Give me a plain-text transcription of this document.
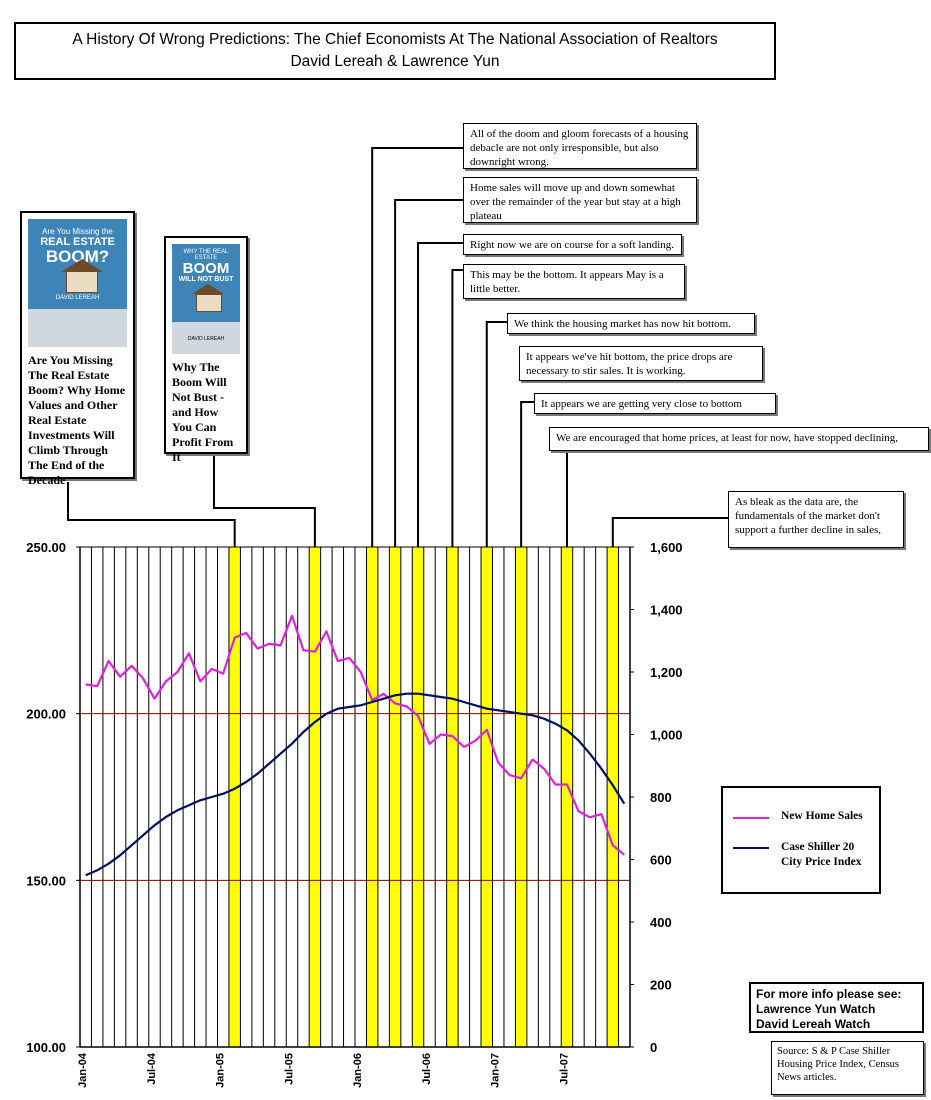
100.00
150.00
200.00
250.00
0
200
400
600
800
1,000
1,200
1,400
1,600
Jan-04	Jul-04	Jan-05	Jul-05	Jan-06	Jul-06	Jan-07	Jul-07
A History Of Wrong Predictions: The Chief Economists At The National Association of Realtors
David Lereah & Lawrence Yun
Are You Missing the
REAL ESTATE
BOOM?
DAVID LEREAH
Are You Missing The Real Estate Boom? Why Home Values and Other Real Estate Investments Will Climb Through The End of the Decade
WHY THE REAL ESTATE
BOOM
WILL NOT BUST
DAVID LEREAH
Why The Boom Will Not Bust - and How You Can Profit From It
All of the doom and gloom forecasts of a housing debacle are not only irresponsible, but also downright wrong.
Home sales will move up and down somewhat over the remainder of the year but stay at a high plateau
Right now we are on course for a soft landing.
This may be the bottom. It appears May is a little better.
We think the housing market has now hit bottom.
It appears we've hit bottom, the price drops are necessary to stir sales. It is working.
It appears we are getting very close to bottom
We are encouraged that home prices, at least for now, have stopped declining,
As bleak as the data are, the fundamentals of the market don't support a further decline in sales,
New Home Sales
Case Shiller 20 City Price Index
For more info please see:
Lawrence Yun Watch
David Lereah Watch
Source: S & P Case Shiller Housing Price Index, Census News articles.
